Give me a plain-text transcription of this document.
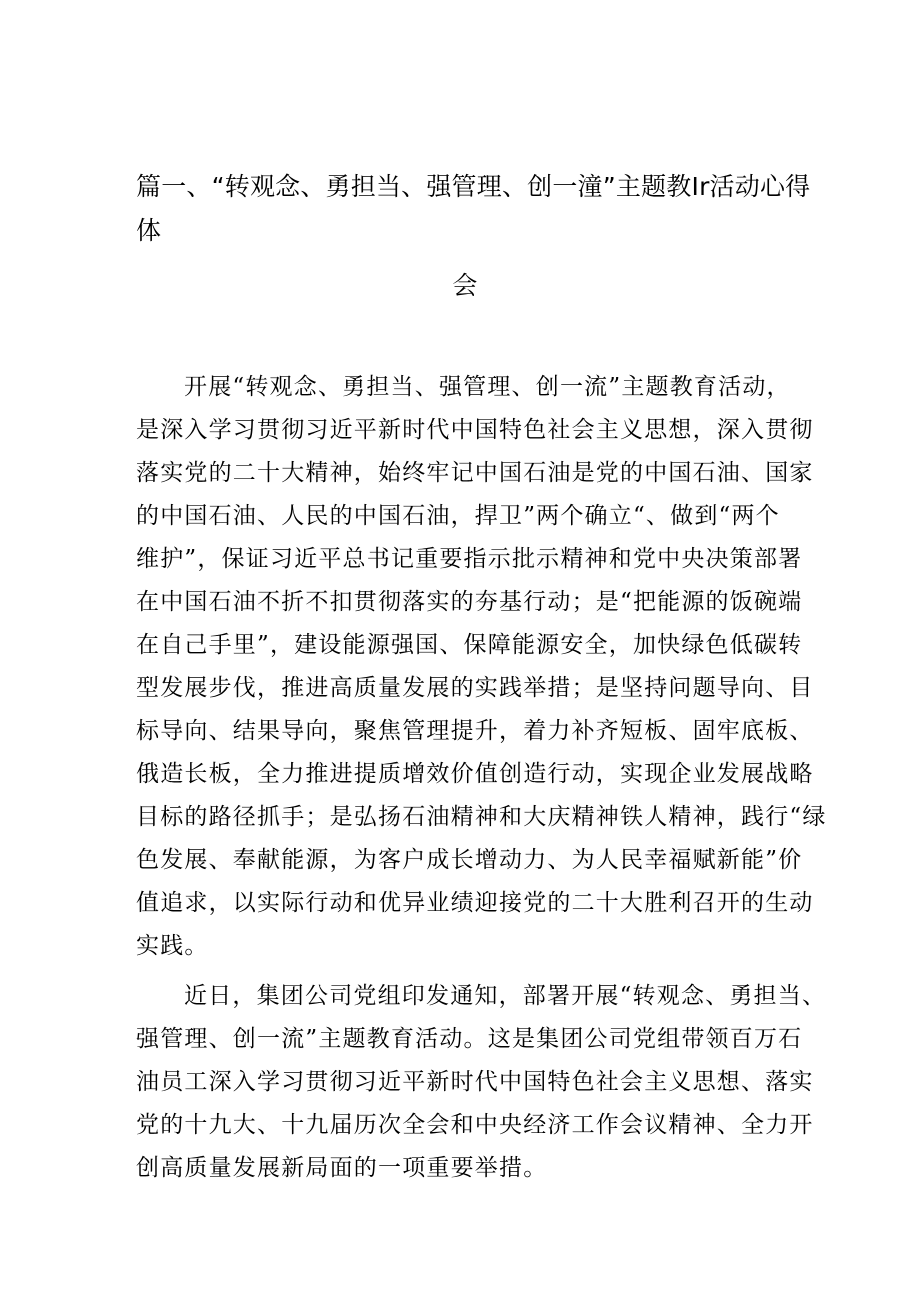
篇一、“转观念、勇担当、强管理、创一潼”主题教Ir活动心得
体
会
开展“转观念、勇担当、强管理、创一流”主题教育活动，
是深入学习贯彻习近平新时代中国特色社会主义思想，深入贯彻
落实党的二十大精神，始终牢记中国石油是党的中国石油、国家
的中国石油、人民的中国石油，捍卫”两个确立“、做到“两个
维护”，保证习近平总书记重要指示批示精神和党中央决策部署
在中国石油不折不扣贯彻落实的夯基行动；是“把能源的饭碗端
在自己手里”，建设能源强国、保障能源安全，加快绿色低碳转
型发展步伐，推进高质量发展的实践举措；是坚持问题导向、目
标导向、结果导向，聚焦管理提升，着力补齐短板、固牢底板、
俄造长板，全力推进提质增效价值创造行动，实现企业发展战略
目标的路径抓手；是弘扬石油精神和大庆精神铁人精神，践行“绿
色发展、奉献能源，为客户成长增动力、为人民幸福赋新能”价
值追求，以实际行动和优异业绩迎接党的二十大胜利召开的生动
实践。
近日，集团公司党组印发通知，部署开展“转观念、勇担当、
强管理、创一流”主题教育活动。这是集团公司党组带领百万石
油员工深入学习贯彻习近平新时代中国特色社会主义思想、落实
党的十九大、十九届历次全会和中央经济工作会议精神、全力开
创高质量发展新局面的一项重要举措。
